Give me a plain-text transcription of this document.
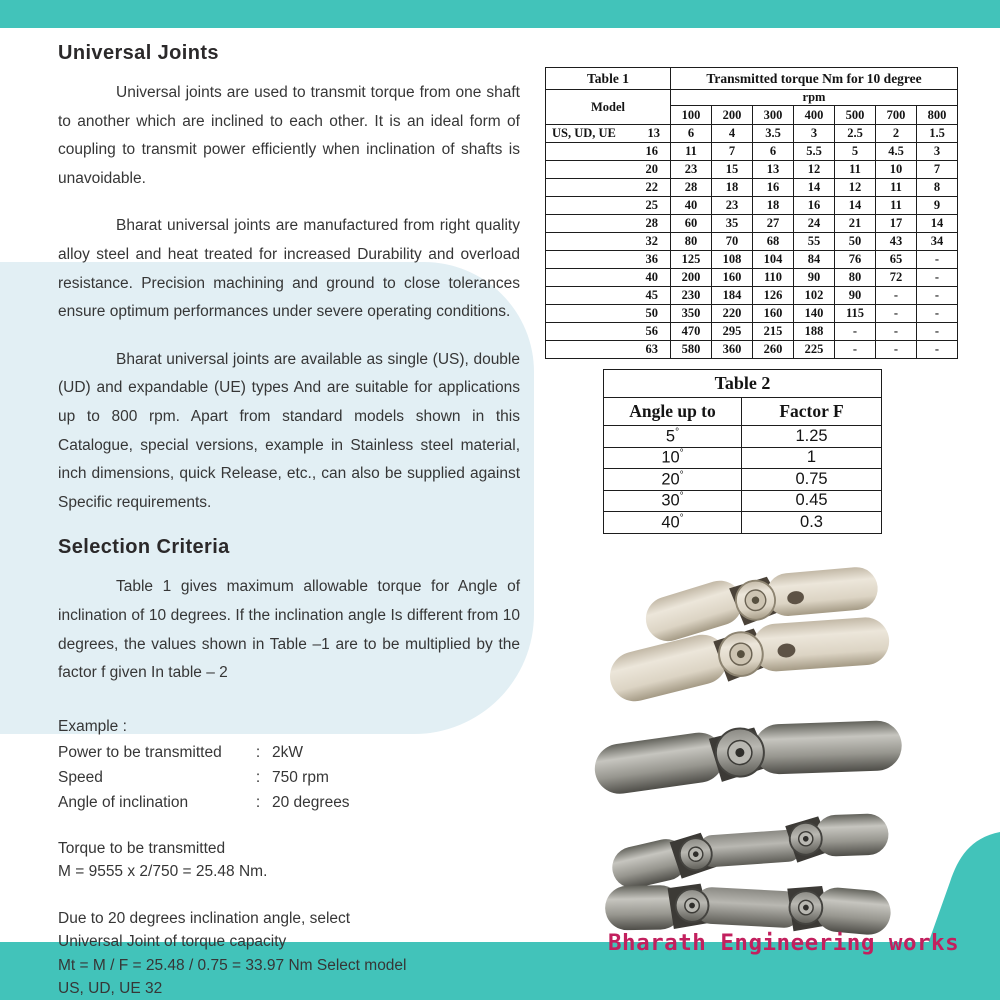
Universal Joints

Universal joints are used to transmit torque from one shaft to another which are inclined to each other. It is an ideal form of coupling to transmit power efficiently when inclination of shafts is unavoidable.

Bharat universal joints are manufactured from right quality alloy steel and heat treated for increased Durability and overload resistance. Precision machining and ground to close tolerances ensure optimum performances under severe operating conditions.

Bharat universal joints are available as single (US), double (UD) and expandable (UE) types And are suitable for applications up to 800 rpm. Apart from standard models shown in this Catalogue, special versions, example in Stainless steel material, inch dimensions, quick Release, etc., can also be supplied against Specific requirements.

Selection Criteria

Table 1 gives maximum allowable torque for Angle of inclination of 10 degrees. If the inclination angle Is different from 10 degrees, the values shown in Table –1 are to be multiplied by the factor f given In table – 2

Example :
Power to be transmitted	: 2kW
Speed	: 750 rpm
Angle of inclination	: 20 degrees
Torque to be transmitted
M = 9555 x 2/750 = 25.48 Nm.
Due to 20 degrees inclination angle, select
Universal Joint of torque capacity
Mt = M / F = 25.48 / 0.75 = 33.97 Nm Select model
US, UD, UE 32
Table 1	Transmitted torque Nm for 10 degree						
Model	rpm						
	100	200	300	400	500	700	800

US, UD, UE 13	6	4	3.5	3	2.5	2	1.5
16	11	7	6	5.5	5	4.5	3
20	23	15	13	12	11	10	7
22	28	18	16	14	12	11	8
25	40	23	18	16	14	11	9
28	60	35	27	24	21	17	14
32	80	70	68	55	50	43	34
36	125	108	104	84	76	65	-
40	200	160	110	90	80	72	-
45	230	184	126	102	90	-	-
50	350	220	160	140	115	-	-
56	470	295	215	188	-	-	-
63	580	360	260	225	-	-	-
Table 2	
Angle up to	Factor F
5°	1.25
10°	1
20°	0.75
30°	0.45
40°	0.3
Bharath Engineering works
